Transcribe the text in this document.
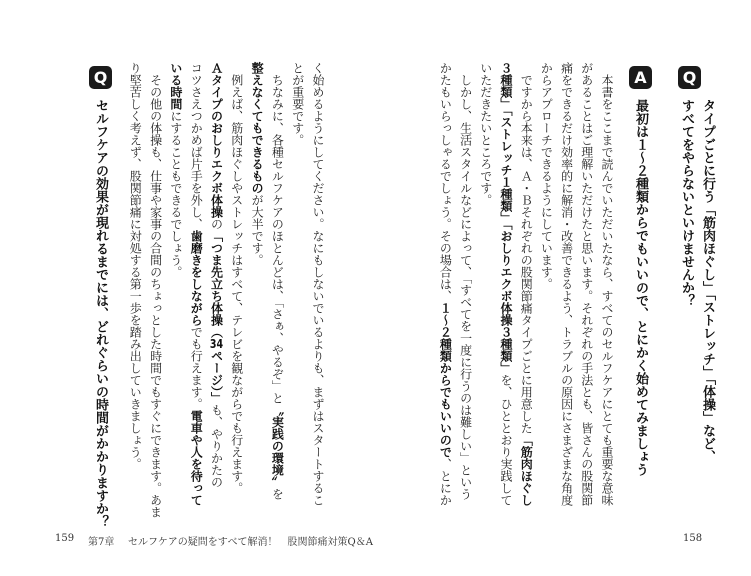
く始めるようにしてください。なにもしないでいるよりも、まずはスタートするこ
とが重要です。
　ちなみに、各種セルフケアのほとんどは、「さぁ、やるぞ」と〝実践の環境〟を
整えなくてもできるものが大半です。
　例えば、筋肉ほぐしやストレッチはすべて、テレビを観ながらでも行えます。
Ａタイプのおしりエクボ体操の「つま先立ち体操（34ページ）」も、やりかたの
コツさえつかめば片手を外し、歯磨きをしながらでも行えます。電車や人を待って
いる時間にすることもできるでしょう。
　その他の体操も、仕事や家事の合間のちょっとした時間でもすぐにできます。あま
り堅苦しく考えず、股関節痛に対処する第一歩を踏み出していきましょう。
Q
セルフケアの効果が現れるまでには、どれぐらいの時間がかかりますか？
159 第7章 セルフケアの疑問をすべて解消！　股関節痛対策Q＆A
Q
タイプごとに行う「筋肉ほぐし」「ストレッチ」「体操」など、
すべてをやらないといけませんか？
A
最初は１〜２種類からでもいいので、とにかく始めてみましょう
　本書をここまで読んでいただいたなら、すべてのセルフケアにとても重要な意味
があることはご理解いただけたと思います。それぞれの手法とも、皆さんの股関節
痛をできるだけ効率的に解消・改善できるよう、トラブルの原因にさまざまな角度
からアプローチできるようにしています。
　ですから本来は、Ａ・Ｂそれぞれの股関節痛タイプごとに用意した「筋肉ほぐし
３種類」「ストレッチ１種類」「おしりエクボ体操３種類」を、ひととおり実践して
いただきたいところです。
　しかし、生活スタイルなどによって、「すべてを一度に行うのは難しい」という
かたもいらっしゃるでしょう。その場合は、１〜２種類からでもいいので、とにか
158
